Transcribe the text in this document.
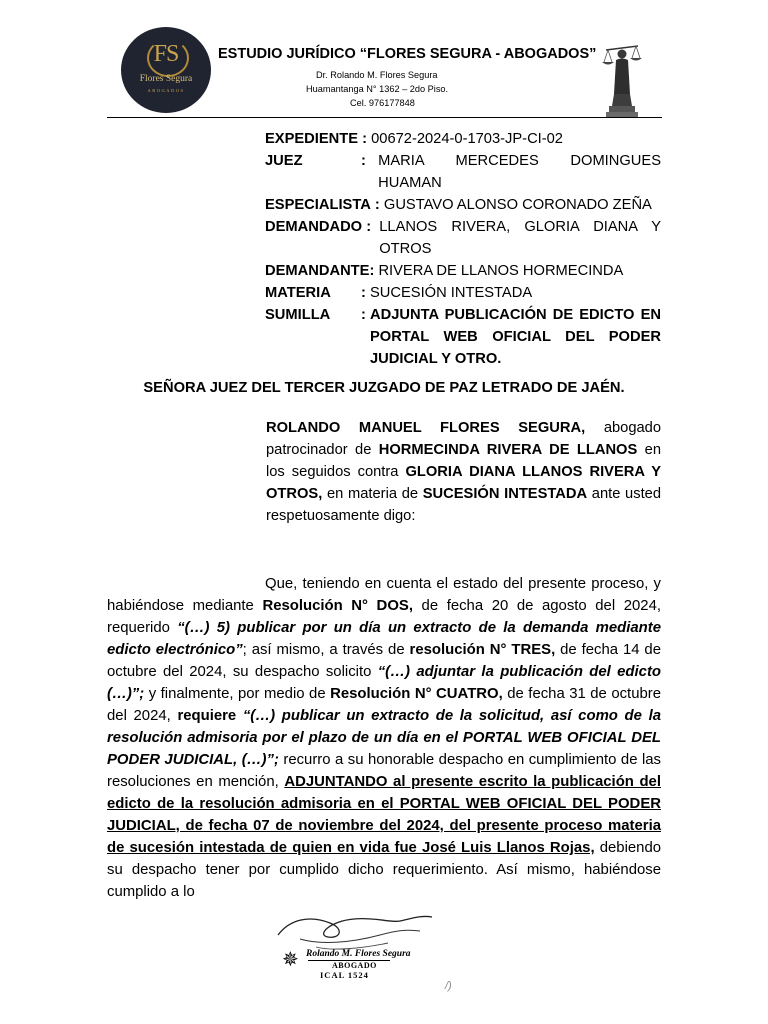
FS
Flores Segura
ABOGADOS
ESTUDIO JURÍDICO “FLORES SEGURA - ABOGADOS”
Dr. Rolando M. Flores Segura
Huamantanga N° 1362 – 2do Piso.
Cel. 976177848
EXPEDIENTE : 00672-2024-0-1703-JP-CI-02
JUEZ	: MARIA MERCEDES DOMINGUES HUAMAN
ESPECIALISTA : GUSTAVO ALONSO CORONADO ZEÑA
DEMANDADO : LLANOS RIVERA, GLORIA DIANA Y OTROS
DEMANDANTE : RIVERA DE LLANOS HORMECINDA
MATERIA	: SUCESIÓN INTESTADA
SUMILLA	: ADJUNTA PUBLICACIÓN DE EDICTO EN PORTAL WEB OFICIAL DEL PODER JUDICIAL Y OTRO.
SEÑORA JUEZ DEL TERCER JUZGADO DE PAZ LETRADO DE JAÉN.
ROLANDO MANUEL FLORES SEGURA, abogado patrocinador de HORMECINDA RIVERA DE LLANOS en los seguidos contra GLORIA DIANA LLANOS RIVERA Y OTROS, en materia de SUCESIÓN INTESTADA ante usted respetuosamente digo:

Que, teniendo en cuenta el estado del presente proceso, y habiéndose mediante Resolución N° DOS, de fecha 20 de agosto del 2024, requerido “(…) 5) publicar por un día un extracto de la demanda mediante edicto electrónico”; así mismo, a través de resolución N° TRES, de fecha 14 de octubre del 2024, su despacho solicito “(…) adjuntar la publicación del edicto (…)”; y finalmente, por medio de Resolución N° CUATRO, de fecha 31 de octubre del 2024, requiere “(…) publicar un extracto de la solicitud, así como de la resolución admisoria por el plazo de un día en el PORTAL WEB OFICIAL DEL PODER JUDICIAL, (…)”; recurro a su honorable despacho en cumplimiento de las resoluciones en mención, ADJUNTANDO al presente escrito la publicación del edicto de la resolución admisoria en el PORTAL WEB OFICIAL DEL PODER JUDICIAL, de fecha 07 de noviembre del 2024, del presente proceso materia de sucesión intestada de quien en vida fue José Luis Llanos Rojas, debiendo su despacho tener por cumplido dicho requerimiento. Así mismo, habiéndose cumplido a lo

✵ Rolando M. Flores Segura
ABOGADO
ICAL 1524
/)
